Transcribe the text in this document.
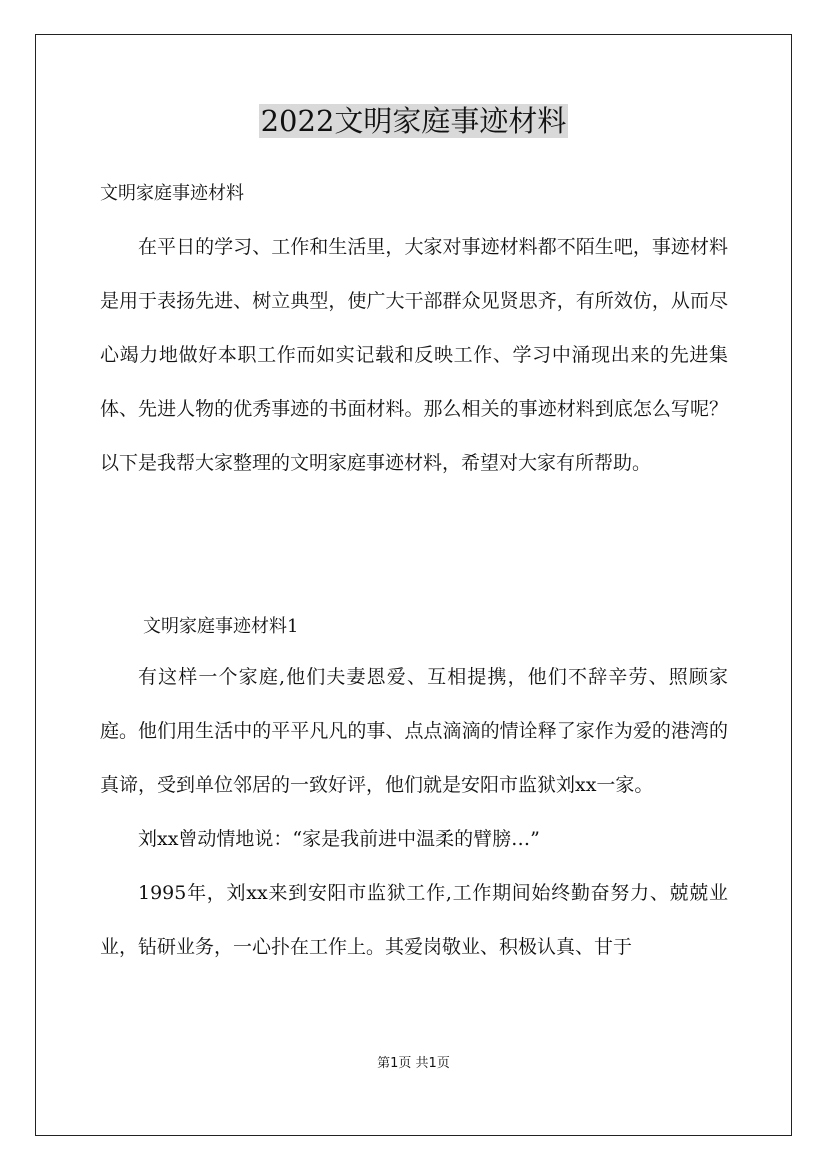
2022文明家庭事迹材料
文明家庭事迹材料

在平日的学习、工作和生活里，大家对事迹材料都不陌生吧，事迹材料是用于表扬先进、树立典型，使广大干部群众见贤思齐，有所效仿，从而尽心竭力地做好本职工作而如实记载和反映工作、学习中涌现出来的先进集体、先进人物的优秀事迹的书面材料。那么相关的事迹材料到底怎么写呢？以下是我帮大家整理的文明家庭事迹材料，希望对大家有所帮助。

文明家庭事迹材料1

有这样一个家庭,他们夫妻恩爱、互相提携，他们不辞辛劳、照顾家庭。他们用生活中的平平凡凡的事、点点滴滴的情诠释了家作为爱的港湾的真谛，受到单位邻居的一致好评，他们就是安阳市监狱刘xx一家。

刘xx曾动情地说：“家是我前进中温柔的臂膀…”

1995年，刘xx来到安阳市监狱工作,工作期间始终勤奋努力、兢兢业业，钻研业务，一心扑在工作上。其爱岗敬业、积极认真、甘于

第1页 共1页
